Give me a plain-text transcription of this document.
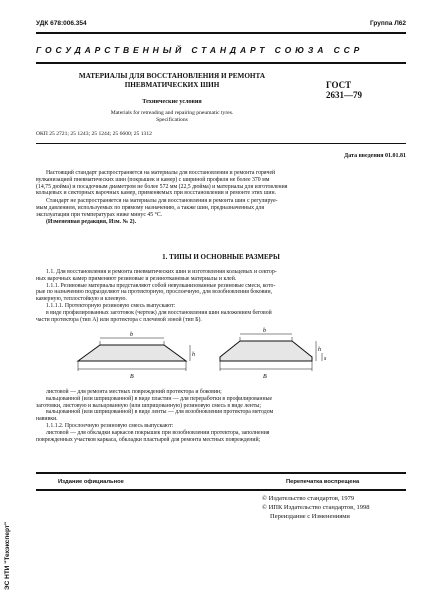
УДК 678:006.354	Группа Л62
ГОСУДАРСТВЕННЫЙ СТАНДАРТ СОЮЗА ССР
МАТЕРИАЛЫ ДЛЯ ВОССТАНОВЛЕНИЯ И РЕМОНТА
ПНЕВМАТИЧЕСКИХ ШИН	ГОСТ
2631—79
Технические условия
Materials for retreading and repairing pneumatic tyres.
Specifications
ОКП 25 2721; 25 1243; 25 1244; 25 6600; 25 1312
Дата введения 01.01.81
Настоящий стандарт распространяется на материалы для восстановления и ремонта горячей
вулканизацией пневматических шин (покрышек и камер) с шириной профиля не более 370 мм
(14,75 дюйма) и посадочным диаметром не более 572 мм (22,5 дюйма) и материалы для изготовления
кольцевых и секторных варочных камер, применяемых при восстановлении и ремонте этих шин.
Стандарт не распространяется на материалы для восстановления и ремонта шин с регулируе-
мым давлением, используемых по прямому назначению, а также шин, предназначенных для
эксплуатации при температурах ниже минус 45 °С.
(Измененная редакция, Изм. № 2).
1. ТИПЫ И ОСНОВНЫЕ РАЗМЕРЫ
1.1. Для восстановления и ремонта пневматических шин и изготовления кольцевых и сектор-
ных варочных камер применяют резиновые и резинотканевые материалы и клей.
1.1.1. Резиновые материалы представляют собой невулканизованные резиновые смеси, кото-
рые по назначению подразделяют на протекторную, прослоечную, для возобновления боковин,
камерную, теплостойкую и клеевую.
1.1.1.1. Протекторную резиновую смесь выпускают:
в виде профилированных заготовок (чертеж) для восстановления шин наложением беговой
части протектора (тип А) или протектора с плечевой зоной (тип Б).
b
B
h
b
B
h
s
листовой — для ремонта местных повреждений протектора и боковин;
вальцованной (или шприцованной) в виде пластин — для переработки в профилированные
заготовки, листовую и вальцованную (или шприцованную) резиновую смесь в виде ленты;
вальцованной (или шприцованной) в виде ленты — для возобновления протектора методом
навивки.
1.1.1.2. Прослоечную резиновую смесь выпускают:
листовой — для обкладки каркасов покрышек при возобновлении протектора, заполнения
поврежденных участков каркаса, обкладки пластырей для ремонта местных повреждений;
Издание официальное	Перепечатка воспрещена
© Издательство стандартов, 1979
© ИПК Издательство стандартов, 1998
Переиздание с Изменениями
ЭС НТИ "Техэксперт"
